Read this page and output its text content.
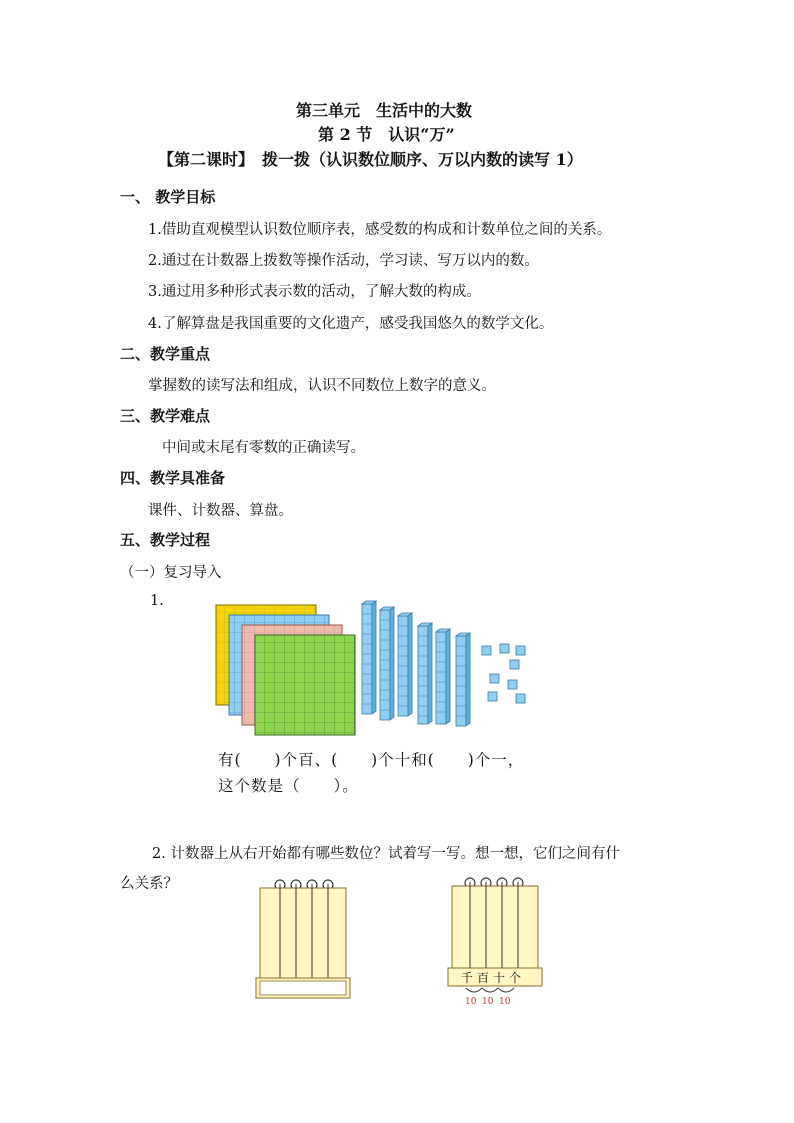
第三单元　生活中的大数
第 2 节　认识“万”
【第二课时】　拨一拨（认识数位顺序、万以内数的读写 1）
一、 教学目标
1.借助直观模型认识数位顺序表，感受数的构成和计数单位之间的关系。
2.通过在计数器上拨数等操作活动，学习读、写万以内的数。
3.通过用多种形式表示数的活动，了解大数的构成。
4.了解算盘是我国重要的文化遗产，感受我国悠久的数学文化。
二、教学重点
掌握数的读写法和组成，认识不同数位上数字的意义。
三、教学难点
中间或末尾有零数的正确读写。
四、教学具准备
课件、计数器、算盘。
五、教学过程
（一）复习导入
1.
有(　　)个百、(　　)个十和(　　)个一，
这个数是（　　）。
2. 计数器上从右开始都有哪些数位？试着写一写。想一想，它们之间有什
么关系？
千 百 十 个
10 10 10
